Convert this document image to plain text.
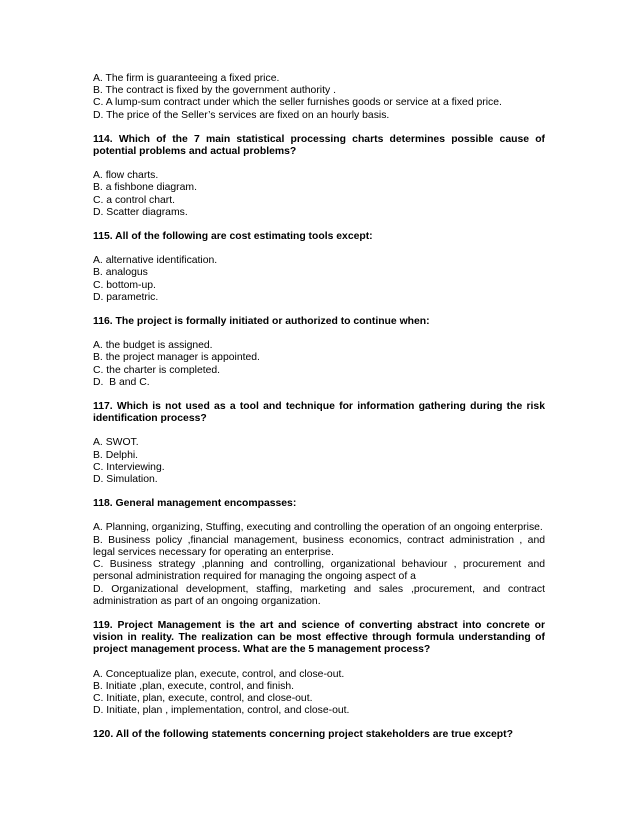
A. The firm is guaranteeing a fixed price.

B. The contract is fixed by the government authority .

C. A lump-sum contract under which the seller furnishes goods or service at a fixed price.

D. The price of the Seller’s services are fixed on an hourly basis.

114. Which of the 7 main statistical processing charts determines possible cause of potential problems and actual problems?

A. flow charts.

B. a fishbone diagram.

C. a control chart.

D. Scatter diagrams.

115. All of the following are cost estimating tools except:

A. alternative identification.

B. analogus

C. bottom-up.

D. parametric.

116. The project is formally initiated or authorized to continue when:

A. the budget is assigned.

B. the project manager is appointed.

C. the charter is completed.

D.  B and C.

117. Which is not used as a tool and technique for information gathering during the risk identification process?

A. SWOT.

B. Delphi.

C. Interviewing.

D. Simulation.

118. General management encompasses:

A. Planning, organizing, Stuffing, executing and controlling the operation of an ongoing enterprise.

B. Business policy ,financial management, business economics, contract administration , and legal services necessary for operating an enterprise.

C. Business strategy ,planning and controlling, organizational behaviour , procurement and personal administration required for managing the ongoing aspect of a

D. Organizational development, staffing, marketing and sales ,procurement, and contract administration as part of an ongoing organization.

119. Project Management is the art and science of converting abstract into concrete or vision in reality. The realization can be most effective through formula understanding of project management process. What are the 5 management process?

A. Conceptualize plan, execute, control, and close-out.

B. Initiate ,plan, execute, control, and finish.

C. Initiate, plan, execute, control, and close-out.

D. Initiate, plan , implementation, control, and close-out.

120. All of the following statements concerning project stakeholders are true except?
